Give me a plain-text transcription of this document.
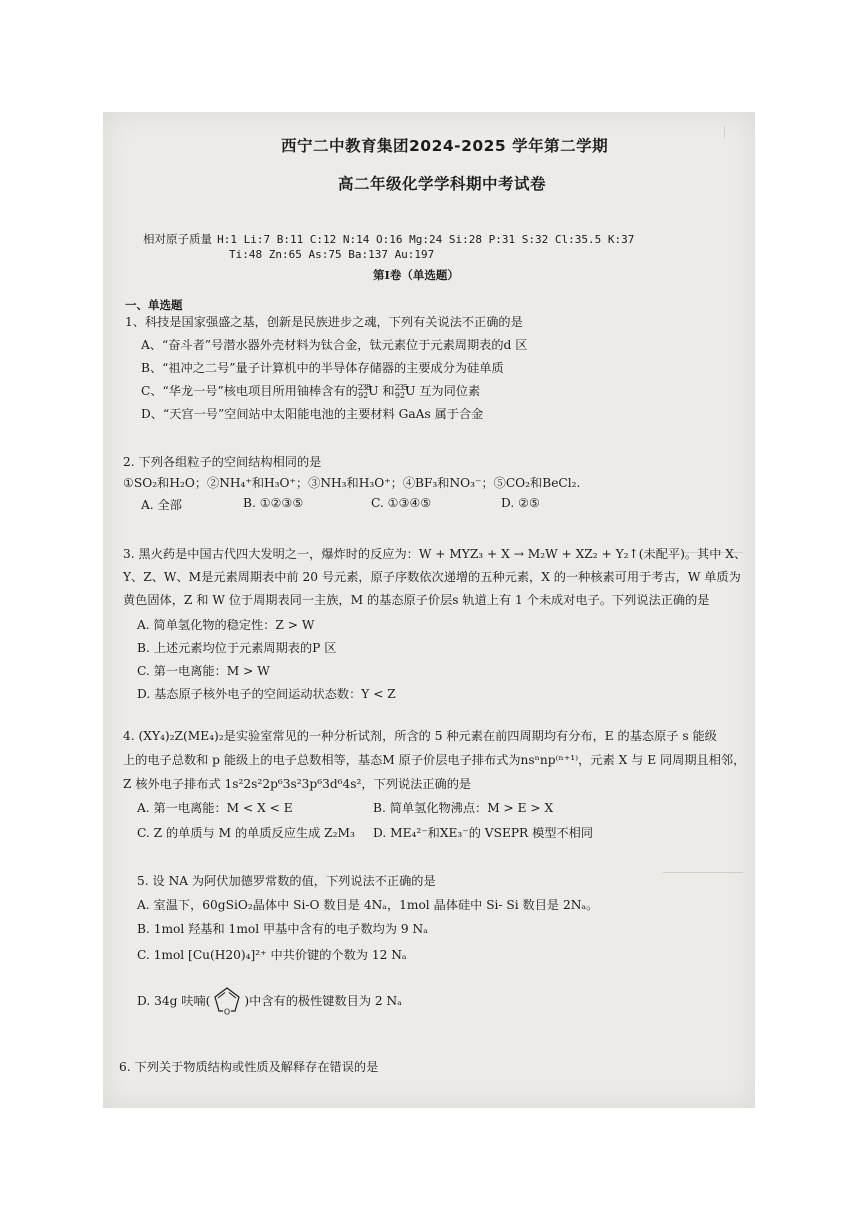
│
西宁二中教育集团2024-2025 学年第二学期
高二年级化学学科期中考试卷
相对原子质量 H:1 Li:7 B:11 C:12 N:14 O:16 Mg:24 Si:28 P:31 S:32 Cl:35.5 K:37
Ti:48 Zn:65 As:75 Ba:137 Au:197
第Ⅰ卷（单选题）
一、单选题
1、科技是国家强盛之基，创新是民族进步之魂，下列有关说法不正确的是
A、“奋斗者”号潜水器外壳材料为钛合金，钛元素位于元素周期表的d 区
B、“祖冲之二号”量子计算机中的半导体存储器的主要成分为硅单质
C、“华龙一号”核电项目所用铀棒含有的$^{238}_{92}$U 和$^{235}_{92}$U 互为同位素
D、“天宫一号”空间站中太阳能电池的主要材料 GaAs 属于合金
2. 下列各组粒子的空间结构相同的是
①SO₂和H₂O；②NH₄⁺和H₃O⁺；③NH₃和H₃O⁺；④BF₃和NO₃⁻；⑤CO₂和BeCl₂.
A. 全部	B. ①②③⑤	C. ①③④⑤	D. ②⑤
3. 黑火药是中国古代四大发明之一，爆炸时的反应为：W + MYZ₃ + X → M₂W + XZ₂ + Y₂↑(未配平)。其中 X、
Y、Z、W、M是元素周期表中前 20 号元素，原子序数依次递增的五种元素，X 的一种核素可用于考古，W 单质为
黄色固体，Z 和 W 位于周期表同一主族，M 的基态原子价层s 轨道上有 1 个未成对电子。下列说法正确的是
A. 简单氢化物的稳定性：Z > W
B. 上述元素均位于元素周期表的P 区
C. 第一电离能：M > W
D. 基态原子核外电子的空间运动状态数：Y < Z
4. (XY₄)₂Z(ME₄)₂是实验室常见的一种分析试剂，所含的 5 种元素在前四周期均有分布，E 的基态原子 s 能级
上的电子总数和 p 能级上的电子总数相等，基态M 原子价层电子排布式为nsⁿnp⁽ⁿ⁺¹⁾，元素 X 与 E 同周期且相邻，
Z 核外电子排布式 1s²2s²2p⁶3s²3p⁶3d⁶4s²，下列说法正确的是
A. 第一电离能：M < X < E	B. 简单氢化物沸点：M > E > X
C. Z 的单质与 M 的单质反应生成 Z₂M₃ D. ME₄²⁻和XE₃⁻的 VSEPR 模型不相同
5. 设 NA 为阿伏加德罗常数的值，下列说法不正确的是
A. 室温下，60gSiO₂晶体中 Si-O 数目是 4Nₐ，1mol 晶体硅中 Si- Si 数目是 2Nₐ。
B. 1mol 羟基和 1mol 甲基中含有的电子数均为 9 Nₐ
C. 1mol [Cu(H20)₄]²⁺ 中共价键的个数为 12 Nₐ
D. 34g 呋喃(
O
)中含有的极性键数目为 2 Nₐ
6. 下列关于物质结构或性质及解释存在错误的是
